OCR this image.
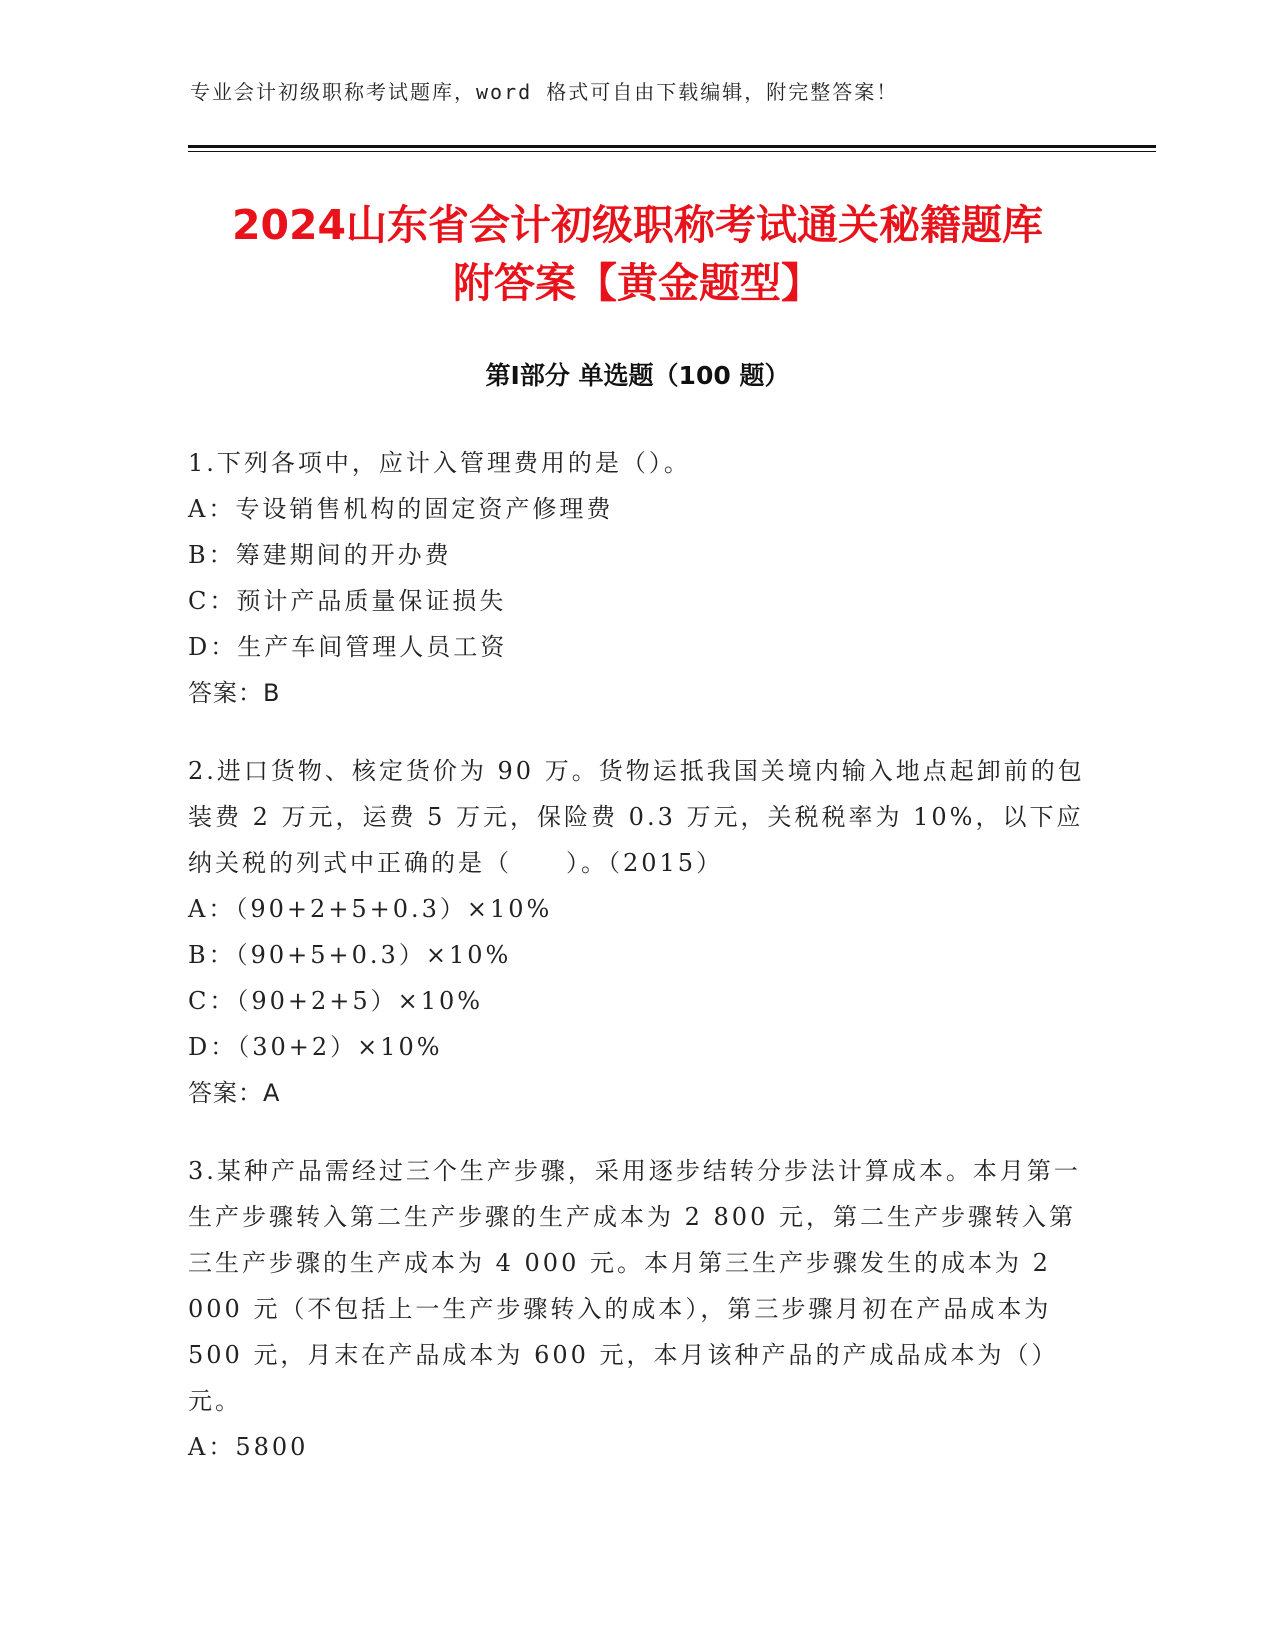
专业会计初级职称考试题库，word 格式可自由下载编辑，附完整答案！
2024山东省会计初级职称考试通关秘籍题库
附答案【黄金题型】
第Ⅰ部分 单选题（100 题）
1.下列各项中，应计入管理费用的是（）。
A：专设销售机构的固定资产修理费
B：筹建期间的开办费
C：预计产品质量保证损失
D：生产车间管理人员工资
答案：B
2.进口货物、核定货价为 90 万。货物运抵我国关境内输入地点起卸前的包装费 2 万元，运费 5 万元，保险费 0.3 万元，关税税率为 10%，以下应纳关税的列式中正确的是（　　）。（2015）
A：（90+2+5+0.3）×10%
B：（90+5+0.3）×10%
C：（90+2+5）×10%
D：（30+2）×10%
答案：A
3.某种产品需经过三个生产步骤，采用逐步结转分步法计算成本。本月第一生产步骤转入第二生产步骤的生产成本为 2 800 元，第二生产步骤转入第三生产步骤的生产成本为 4 000 元。本月第三生产步骤发生的成本为 2 000 元（不包括上一生产步骤转入的成本），第三步骤月初在产品成本为 500 元，月末在产品成本为 600 元，本月该种产品的产成品成本为（）元。
A：5800
